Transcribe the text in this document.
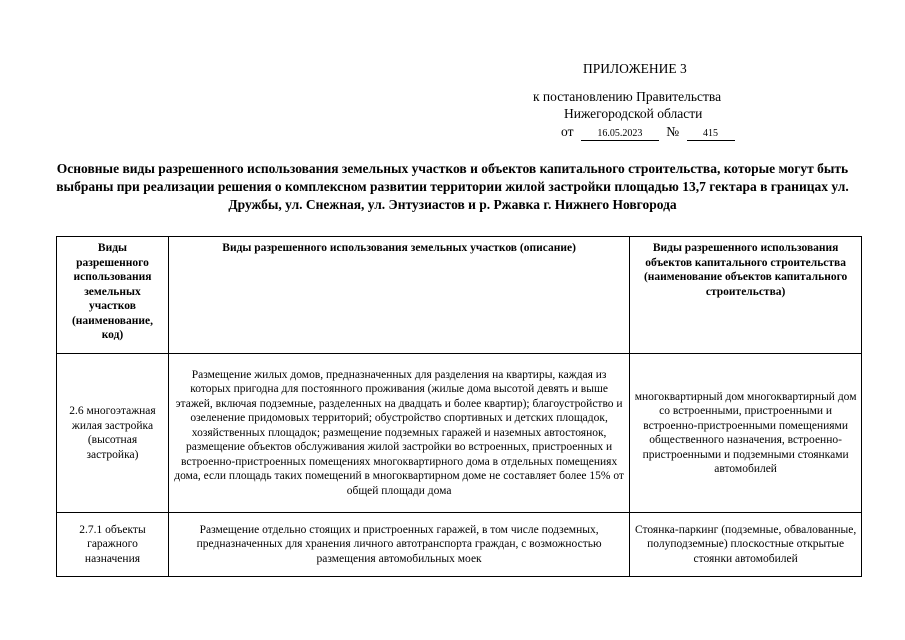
ПРИЛОЖЕНИЕ 3
к постановлению Правительства
Нижегородской области
от 16.05.2023 № 415
Основные виды разрешенного использования земельных участков и объектов капитального строительства, которые могут быть выбраны при реализации решения о комплексном развитии территории жилой застройки площадью 13,7 гектара в границах ул. Дружбы, ул. Снежная, ул. Энтузиастов и р. Ржавка г. Нижнего Новгорода
Виды разрешенного использования земельных участков (наименование, код)	Виды разрешенного использования земельных участков (описание)	Виды разрешенного использования объектов капитального строительства (наименование объектов капитального строительства)
2.6 многоэтажная жилая застройка (высотная застройка)	Размещение жилых домов, предназначенных для разделения на квартиры, каждая из которых пригодна для постоянного проживания (жилые дома высотой девять и выше этажей, включая подземные, разделенных на двадцать и более квартир); благоустройство и озеленение придомовых территорий; обустройство спортивных и детских площадок, хозяйственных площадок; размещение подземных гаражей и наземных автостоянок, размещение объектов обслуживания жилой застройки во встроенных, пристроенных и встроенно-пристроенных помещениях многоквартирного дома в отдельных помещениях дома, если площадь таких помещений в многоквартирном доме не составляет более 15% от общей площади дома	многоквартирный дом многоквартирный дом со встроенными, пристроенными и встроенно-пристроенными помещениями общественного назначения, встроенно-пристроенными и подземными стоянками автомобилей
2.7.1 объекты гаражного назначения	Размещение отдельно стоящих и пристроенных гаражей, в том числе подземных, предназначенных для хранения личного автотранспорта граждан, с возможностью размещения автомобильных моек	Стоянка-паркинг (подземные, обвалованные, полуподземные) плоскостные открытые стоянки автомобилей
